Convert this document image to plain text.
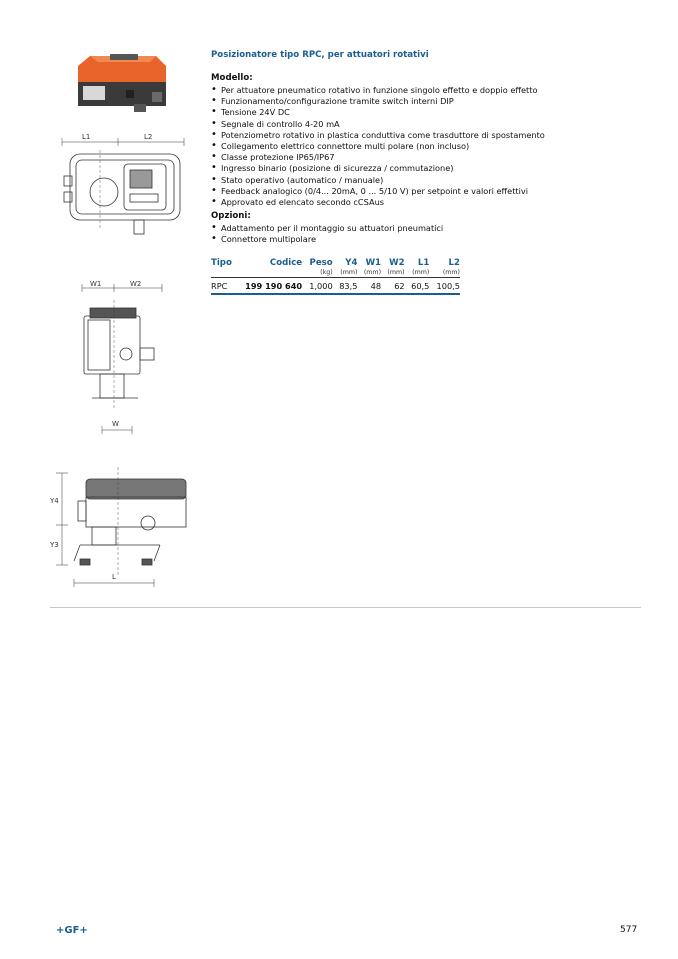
L1	L2
W1	W2
W
Y4
Y3
L
Posizionatore tipo RPC, per attuatori rotativi
Modello:
• Per attuatore pneumatico rotativo in funzione singolo effetto e doppio effetto
• Funzionamento/configurazione tramite switch interni DIP
• Tensione 24V DC
• Segnale di controllo 4-20 mA
• Potenziometro rotativo in plastica conduttiva come trasduttore di spostamento
• Collegamento elettrico connettore multi polare (non incluso)
• Classe protezione IP65/IP67
• Ingresso binario (posizione di sicurezza / commutazione)
• Stato operativo (automatico / manuale)
• Feedback analogico (0/4... 20mA, 0 ... 5/10 V) per setpoint e valori effettivi
• Approvato ed elencato secondo cCSAus
Opzioni:
• Adattamento per il montaggio su attuatori pneumatici
• Connettore multipolare
Tipo	Codice	Peso	Y4	W1	W2	L1	L2
		(kg)	(mm)	(mm)	(mm)	(mm)	(mm)
RPC	199 190 640	1,000	83,5	48	62	60,5	100,5
+GF+	577
